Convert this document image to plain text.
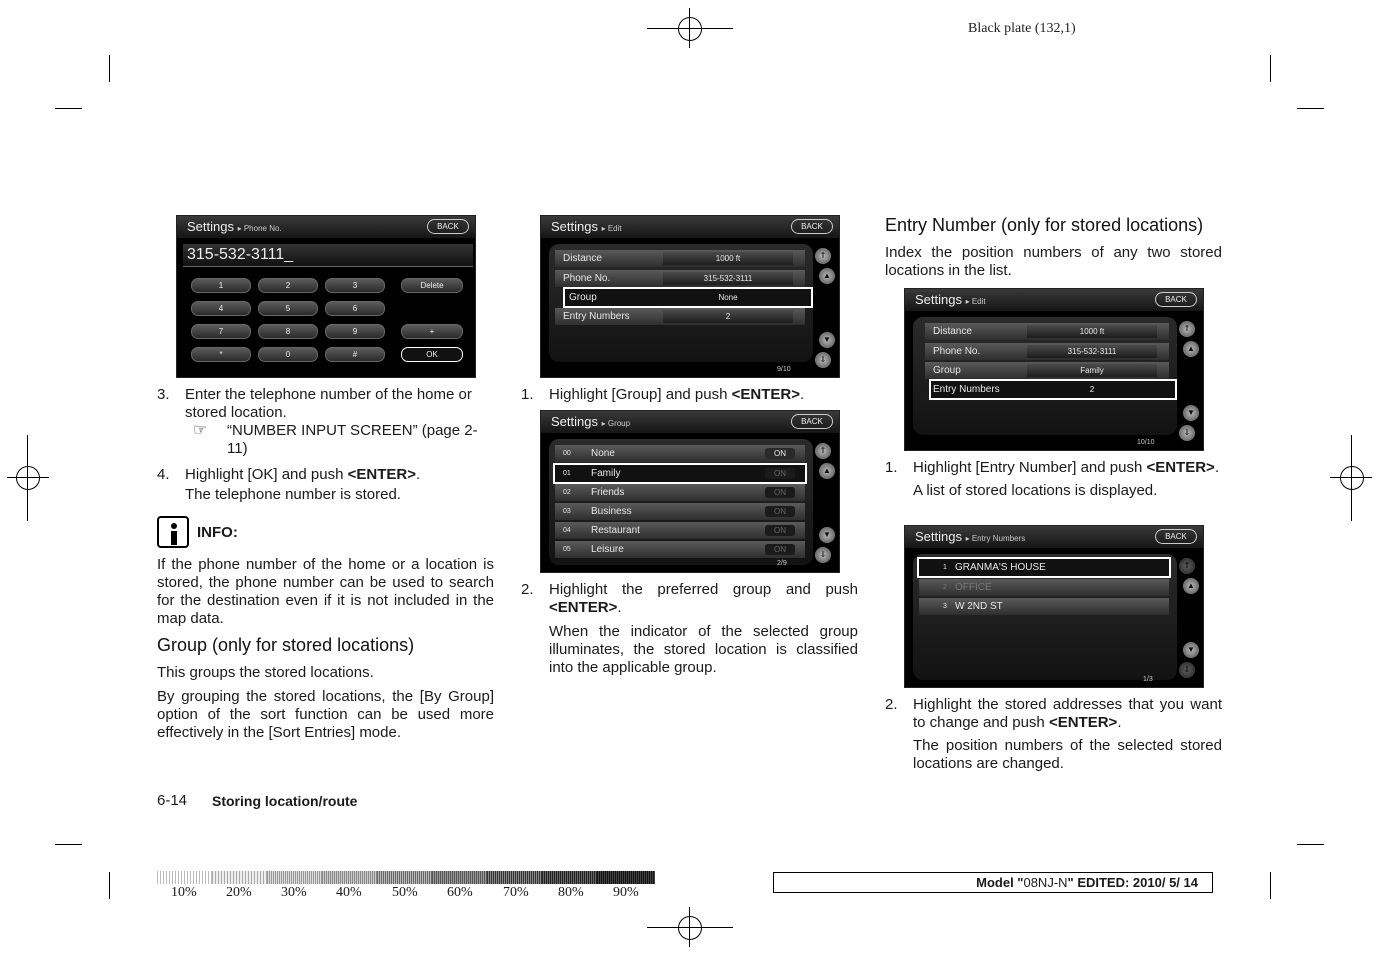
Black plate (132,1)
Settings ▸ Phone No.	BACK
315-532-3111_
1	2	3
4	5	6
7	8	9
*	0	#
Delete
+
OK
3. Enter the telephone number of the home or stored location.
☞ “NUMBER INPUT SCREEN” (page 2-11)
4. Highlight [OK] and push <ENTER>.
The telephone number is stored.
INFO:
If the phone number of the home or a location is stored, the phone number can be used to search for the destination even if it is not included in the map data.
Group (only for stored locations)
This groups the stored locations.
By grouping the stored locations, the [By Group] option of the sort function can be used more effectively in the [Sort Entries] mode.
Settings ▸ Edit	BACK
Distance	1000 ft
Phone No.	315-532-3111
Group	None
Entry Numbers	2
⇑
▲
▼
⇓
9/10
1. Highlight [Group] and push <ENTER>.
Settings ▸ Group	BACK
00 None	ON
01 Family	ON
02 Friends	ON
03 Business	ON
04 Restaurant	ON
05 Leisure	ON
⇑
▲
▼
⇓
2/9
2. Highlight the preferred group and push <ENTER>.
When the indicator of the selected group illuminates, the stored location is classified into the applicable group.
Entry Number (only for stored locations)
Index the position numbers of any two stored locations in the list.
Settings ▸ Edit	BACK
Distance	1000 ft
Phone No.	315-532-3111
Group	Family
Entry Numbers	2
⇑
▲
▼
⇓
10/10
1. Highlight [Entry Number] and push <ENTER>.
A list of stored locations is displayed.
Settings ▸ Entry Numbers	BACK
1 GRANMA'S HOUSE
2 OFFICE
3 W 2ND ST
⇑
▲
▼
⇓
1/3
2. Highlight the stored addresses that you want to change and push <ENTER>.
The position numbers of the selected stored locations are changed.
6-14 Storing location/route
10% 20% 30% 40% 50% 60% 70% 80% 90%
Model "08NJ-N" EDITED: 2010/ 5/ 14
